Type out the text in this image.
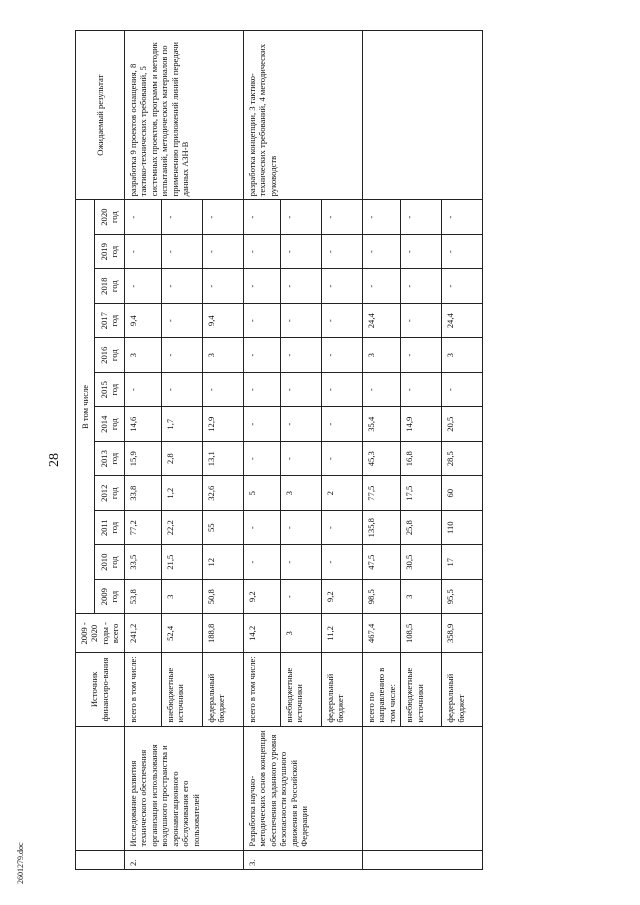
28
2601279.doc
		Источник финансиро-вания	2009 - 2020 годы - всего	В том числе												Ожидаемый результат
				2009 год	2010 год	2011 год	2012 год	2013 год	2014 год	2015 год	2016 год	2017 год	2018 год	2019 год	2020 год	
2.	Исследование развития технического обеспечения организации использования воздушного пространства и аэронавигационного обслуживания его пользователей	всего в том числе:	241,2	53,8	33,5	77,2	33,8	15,9	14,6	-	3	9,4	-	-	-	разработка 9 проектов оснащения, 8 тактико-технических требований, 5 системных проектов, программ и методик испытаний, методических материалов по применению приложений линий передачи данных АЗН-В
		внебюджетные источники	52,4	3	21,5	22,2	1,2	2,8	1,7	-	-	-	-	-	-	
		федеральный бюджет	188,8	50,8	12	55	32,6	13,1	12,9	-	3	9,4	-	-	-	
3.	Разработка научно-методических основ концепции обеспечения заданного уровня безопасности воздушного движения в Российской Федерации	всего в том числе:	14,2	9,2	-	-	5	-	-	-	-	-	-	-	-	разработка концепции, 3 тактико-технических требований, 4 методических руководств
		внебюджетные источники	3	-	-	-	3	-	-	-	-	-	-	-	-	
		федеральный бюджет	11,2	9,2	-	-	2	-	-	-	-	-	-	-	-	
		всего по направлению в том числе:	467,4	98,5	47,5	135,8	77,5	45,3	35,4	-	3	24,4	-	-	-	
		внебюджетные источники	108,5	3	30,5	25,8	17,5	16,8	14,9	-	-	-	-	-	-	
		федеральный бюджет	358,9	95,5	17	110	60	28,5	20,5	-	3	24,4	-	-	-	
